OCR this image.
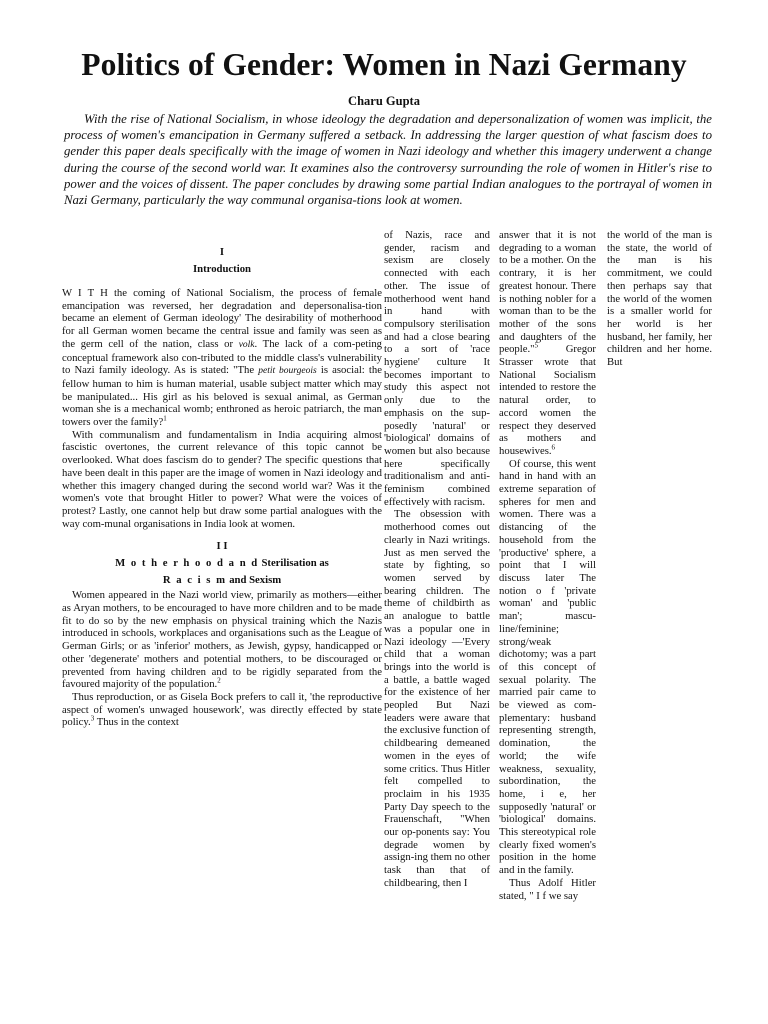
Politics of Gender: Women in Nazi Germany
Charu Gupta

With the rise of National Socialism, in whose ideology the degradation and depersonalization of women was implicit, the process of women's emancipation in Germany suffered a setback. In addressing the larger question of what fascism does to gender this paper deals specifically with the image of women in Nazi ideology and whether this imagery underwent a change during the course of the second world war. It examines also the controversy surrounding the role of women in Hitler's rise to power and the voices of dissent. The paper concludes by drawing some partial Indian analogues to the portrayal of women in Nazi Germany, particularly the way communal organisa-tions look at women.

I

Introduction

W I T H the coming of National Socialism, the process of female emancipation was reversed, her degradation and depersonalisa-tion became an element of German ideology' The desirability of motherhood for all German women became the central issue and family was seen as the germ cell of the nation, class or volk. The lack of a com-peting conceptual framework also con-tributed to the middle class's vulnerability to Nazi family ideology. As is stated: "The petit bourgeois is asocial: the fellow human to him is human material, usable subject matter which may be manipulated... His girl as his beloved is sexual animal, as German woman she is a mechanical womb; enthroned as heroic patriarch, the man towers over the family?$^1$

With communalism and fundamentalism in India acquiring almost fascistic overtones, the current relevance of this topic cannot be overlooked. What does fascism do to gender? The specific questions that have been dealt in this paper are the image of women in Nazi ideology and whether this imagery changed during the second world war? Was it the women's vote that brought Hitler to power? What were the voices of protest? Lastly, one cannot help but draw some partial analogues with the way com-munal organisations in India look at women.

I I

M o t h e r h o o d a n d Sterilisation as

R a c i s m and Sexism

Women appeared in the Nazi world view, primarily as mothers—either as Aryan mothers, to be encouraged to have more children and to be made fit to do so by the new emphasis on physical training which the Nazis introduced in schools, workplaces and organisations such as the League of German Girls; or as 'inferior' mothers, as Jewish, gypsy, handicapped or other 'degenerate' mothers and potential mothers, to be discouraged or prevented from having children and to be rigidly separated from the favoured majority of the population.$^2$

Thus reproduction, or as Gisela Bock prefers to call it, 'the reproductive aspect of women's unwaged housework', was directly effected by state policy.$^3$ Thus in the context

of Nazis, race and gender, racism and sexism are closely connected with each other. The issue of motherhood went hand in hand with compulsory sterilisation and had a close bearing to a sort of 'race hygiene' culture It becomes important to study this aspect not only due to the emphasis on the sup-posedly 'natural' or 'biological' domains of women but also because here specifically traditionalism and anti-feminism combined effectively with racism.

The obsession with motherhood comes out clearly in Nazi writings. Just as men served the state by fighting, so women served by bearing children. The theme of childbirth as an analogue to battle was a popular one in Nazi ideology —'Every child that a woman brings into the world is a battle, a battle waged for the existence of her peopled But Nazi leaders were aware that the exclusive function of childbearing demeaned women in the eyes of some critics. Thus Hitler felt compelled to proclaim in his 1935 Party Day speech to the Frauenschaft, "When our op-ponents say: You degrade women by assign-ing them no other task than that of childbearing, then I

answer that it is not degrading to a woman to be a mother. On the contrary, it is her greatest honour. There is nothing nobler for a woman than to be the mother of the sons and daughters of the people."$^5$	Gregor Strasser wrote that National Socialism intended to restore the natural order, to accord women the respect they deserved as mothers and housewives.$^6$

Of course, this went hand in hand with an extreme separation of spheres for men and women. There was a distancing of the household from the 'productive' sphere, a point that I will discuss later The notion o f 'private woman' and 'public man'; mascu-line/feminine; strong/weak dichotomy; was a part of this concept of sexual polarity. The married pair came to be viewed as com-plementary: husband representing strength, domination, the world; the wife weakness, sexuality, subordination, the home, i e, her supposedly 'natural' or 'biological' domains. This stereotypical role clearly fixed women's position in the home and in the family.

Thus Adolf Hitler stated, " I f we say

the world of the man is the state, the world of the man is his commitment, we could then perhaps say that the world of the women is a smaller world for her world is her husband, her family, her children and her home. But
